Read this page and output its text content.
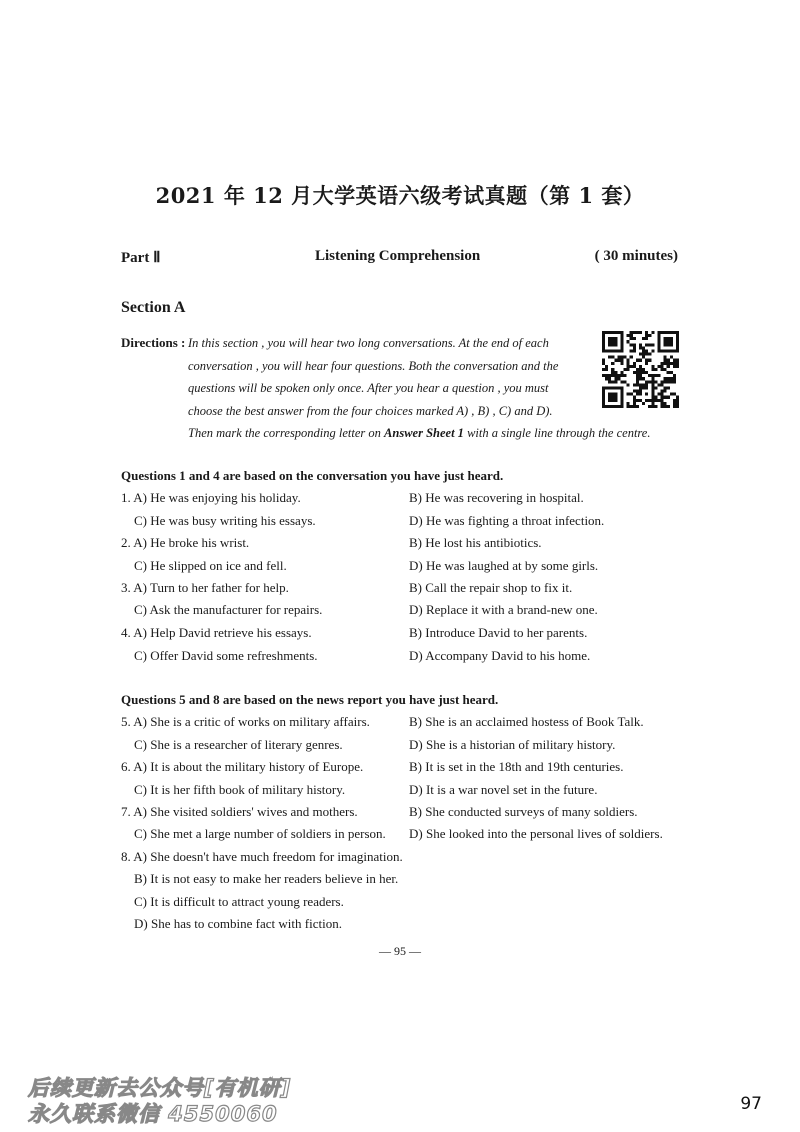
2021 年 12 月大学英语六级考试真题（第 1 套）
Part Ⅱ	Listening Comprehension	( 30 minutes)
Section A
Directions : In this section , you will hear two long conversations. At the end of each
conversation , you will hear four questions. Both the conversation and the
questions will be spoken only once. After you hear a question , you must
choose the best answer from the four choices marked A) , B) , C) and D).
Then mark the corresponding letter on Answer Sheet 1 with a single line through the centre.
Questions 1 and 4 are based on the conversation you have just heard.
1. A) He was enjoying his holiday.	B) He was recovering in hospital.
C) He was busy writing his essays.	D) He was fighting a throat infection.
2. A) He broke his wrist.	B) He lost his antibiotics.
C) He slipped on ice and fell.	D) He was laughed at by some girls.
3. A) Turn to her father for help.	B) Call the repair shop to fix it.
C) Ask the manufacturer for repairs.	D) Replace it with a brand-new one.
4. A) Help David retrieve his essays.	B) Introduce David to her parents.
C) Offer David some refreshments.	D) Accompany David to his home.
Questions 5 and 8 are based on the news report you have just heard.
5. A) She is a critic of works on military affairs.	B) She is an acclaimed hostess of Book Talk.
C) She is a researcher of literary genres.	D) She is a historian of military history.
6. A) It is about the military history of Europe.	B) It is set in the 18th and 19th centuries.
C) It is her fifth book of military history.	D) It is a war novel set in the future.
7. A) She visited soldiers' wives and mothers.	B) She conducted surveys of many soldiers.
C) She met a large number of soldiers in person. D) She looked into the personal lives of soldiers.
8. A) She doesn't have much freedom for imagination.
B) It is not easy to make her readers believe in her.
C) It is difficult to attract young readers.
D) She has to combine fact with fiction.
— 95 —
后续更新去公众号[有机研]
永久联系微信 4550060	97
